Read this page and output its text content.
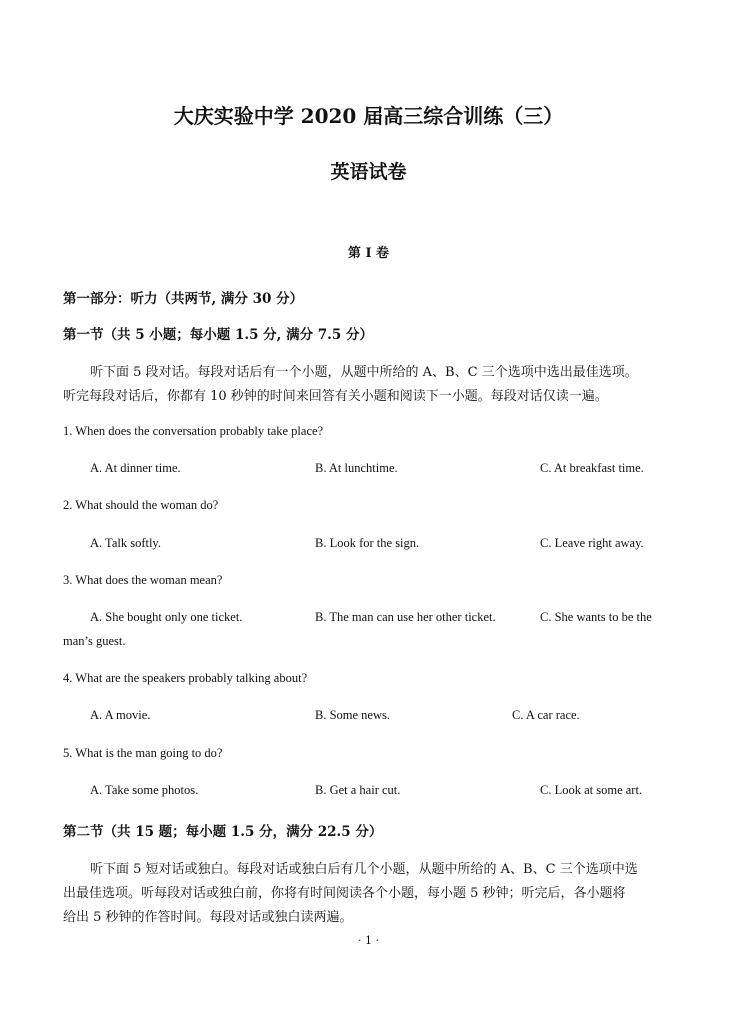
大庆实验中学 2020 届高三综合训练（三）
英语试卷
第 I 卷
第一部分：听力（共两节, 满分 30 分）
第一节（共 5 小题；每小题 1.5 分, 满分 7.5 分）
听下面 5 段对话。每段对话后有一个小题，从题中所给的 A、B、C 三个选项中选出最佳选项。
听完每段对话后，你都有 10 秒钟的时间来回答有关小题和阅读下一小题。每段对话仅读一遍。
1. When does the conversation probably take place?
A. At dinner time.	B. At lunchtime.	C. At breakfast time.
2. What should the woman do?
A. Talk softly.	B. Look for the sign.	C. Leave right away.
3. What does the woman mean?
A. She bought only one ticket.	B. The man can use her other ticket.	C. She wants to be the
man’s guest.
4. What are the speakers probably talking about?
A. A movie.	B. Some news.	C. A car race.
5. What is the man going to do?
A. Take some photos.	B. Get a hair cut.	C. Look at some art.
第二节（共 15 题；每小题 1.5 分，满分 22.5 分）
听下面 5 短对话或独白。每段对话或独白后有几个小题，从题中所给的 A、B、C 三个选项中选
出最佳选项。听每段对话或独白前，你将有时间阅读各个小题，每小题 5 秒钟；听完后，各小题将
给出 5 秒钟的作答时间。每段对话或独白读两遍。
· 1 ·
